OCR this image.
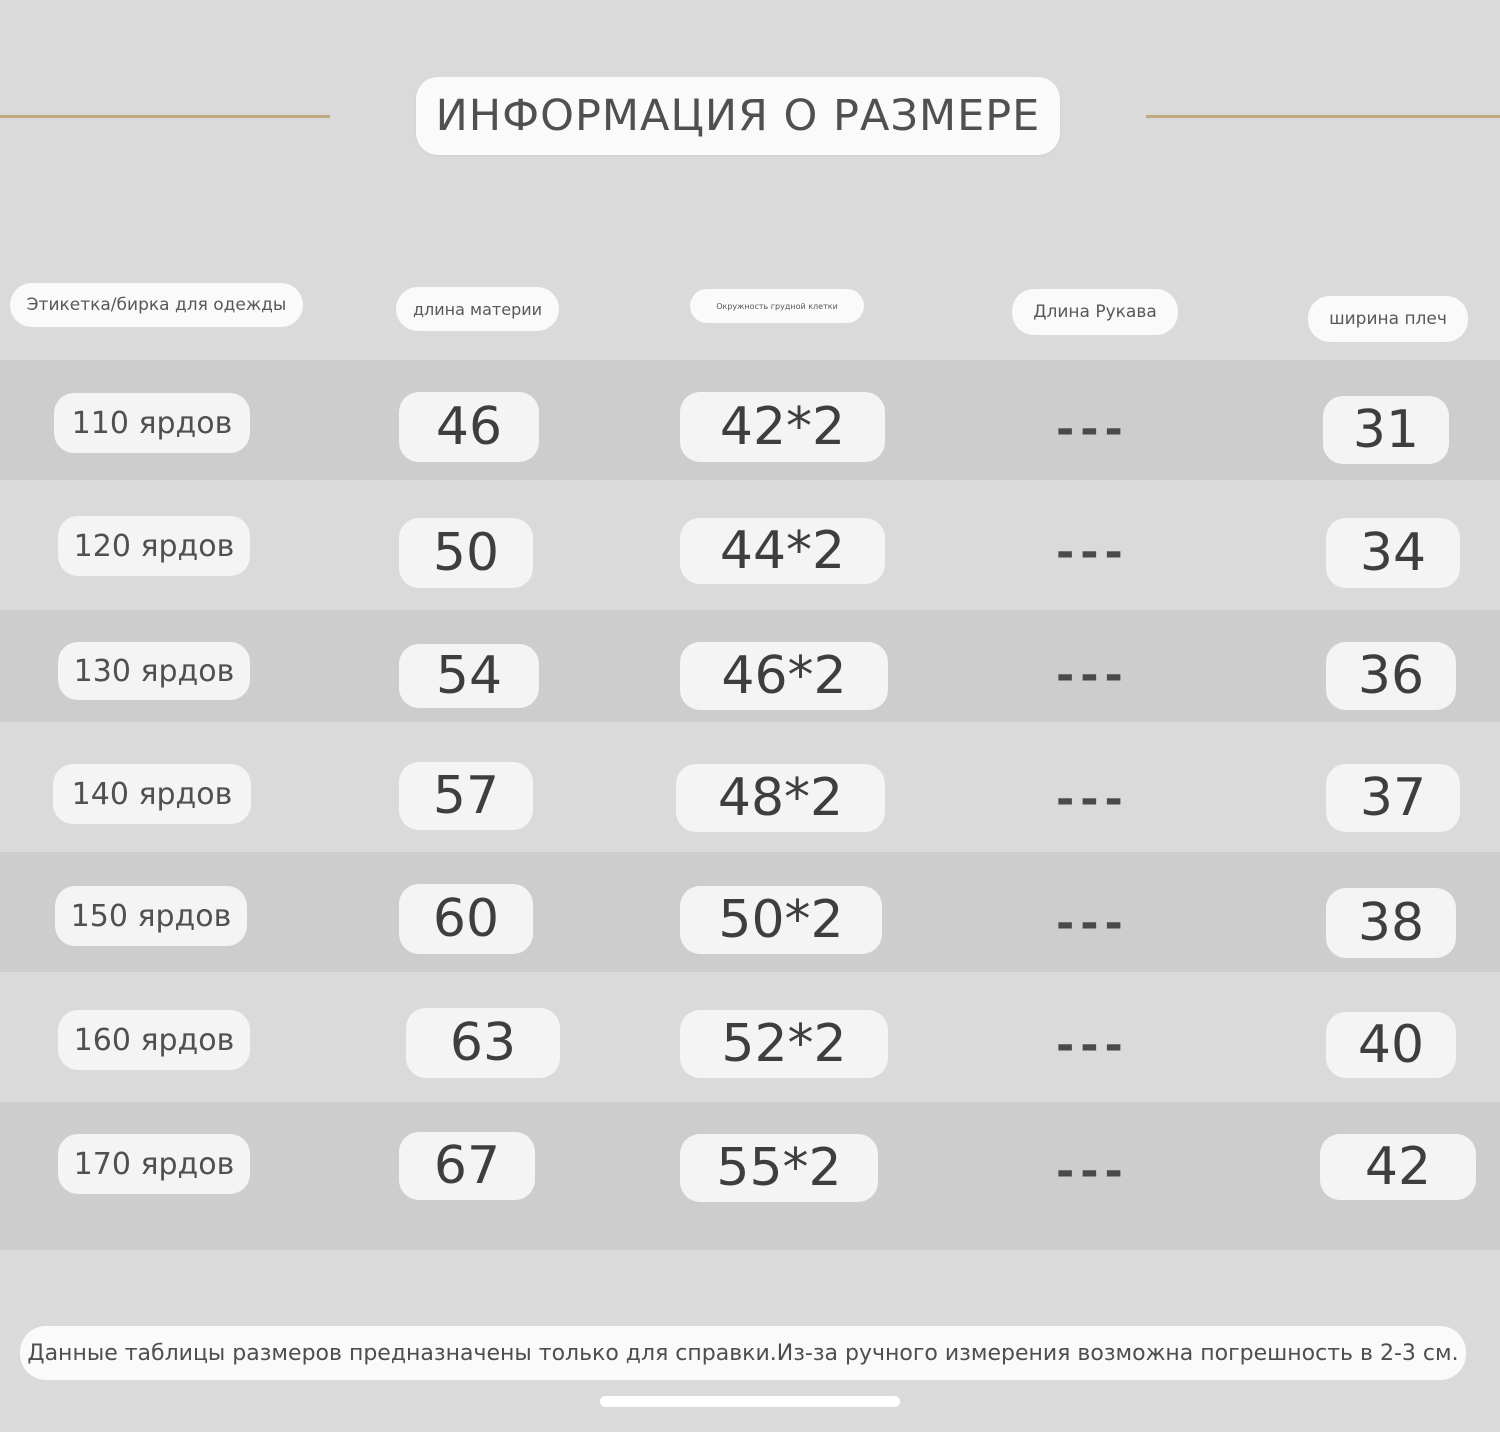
ИНФОРМАЦИЯ О РАЗМЕРЕ
Этикетка/бирка для одежды	длина материи	Окружность грудной клетки	Длина Рукава	ширина плеч
110 ярдов	46	42*2	---	31
120 ярдов	50	44*2	---	34
130 ярдов	54	46*2	---	36
140 ярдов	57	48*2	---	37
150 ярдов	60	50*2	---	38
160 ярдов	63	52*2	---	40
170 ярдов	67	55*2	---	42
Данные таблицы размеров предназначены только для справки.Из-за ручного измерения возможна погрешность в 2-3 см.
